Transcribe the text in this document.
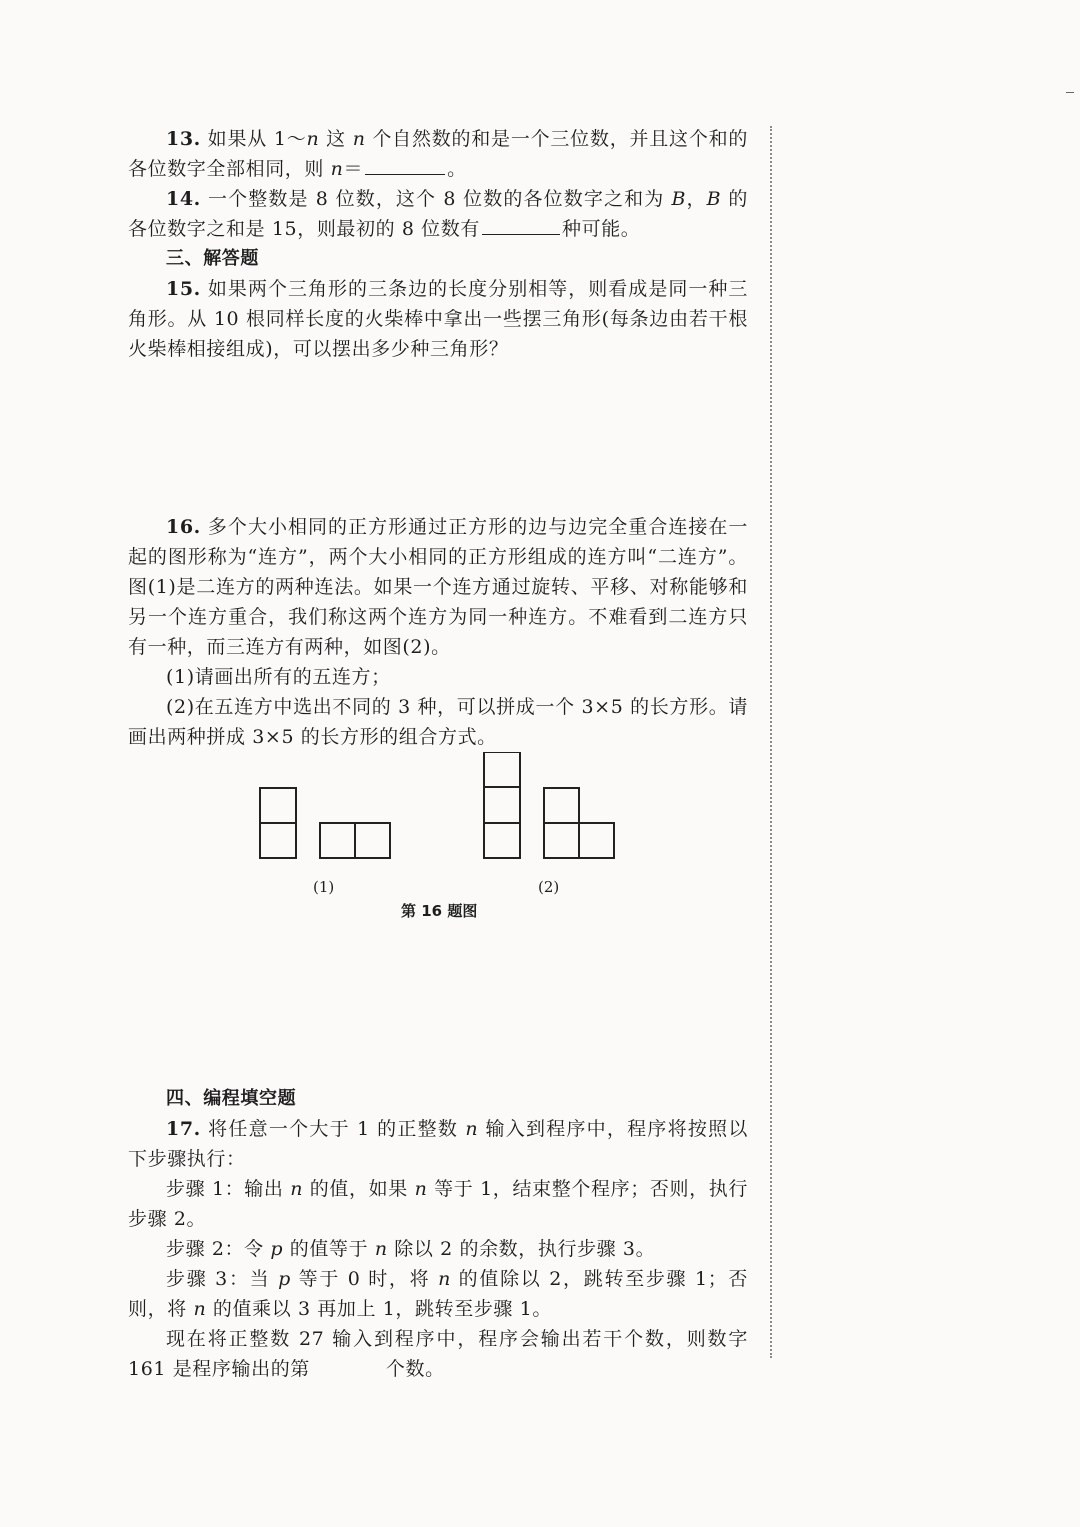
13. 如果从 1～n 这 n 个自然数的和是一个三位数，并且这个和的各位数字全部相同，则 n＝	。

14. 一个整数是 8 位数，这个 8 位数的各位数字之和为 B，B 的各位数字之和是 15，则最初的 8 位数有	种可能。

三、解答题

15. 如果两个三角形的三条边的长度分别相等，则看成是同一种三角形。从 10 根同样长度的火柴棒中拿出一些摆三角形(每条边由若干根火柴棒相接组成)，可以摆出多少种三角形？

16. 多个大小相同的正方形通过正方形的边与边完全重合连接在一起的图形称为“连方”，两个大小相同的正方形组成的连方叫“二连方”。图(1)是二连方的两种连法。如果一个连方通过旋转、平移、对称能够和另一个连方重合，我们称这两个连方为同一种连方。不难看到二连方只有一种，而三连方有两种，如图(2)。

(1)请画出所有的五连方；

(2)在五连方中选出不同的 3 种，可以拼成一个 3×5 的长方形。请画出两种拼成 3×5 的长方形的组合方式。

(1)	(2)
第 16 题图

四、编程填空题

17. 将任意一个大于 1 的正整数 n 输入到程序中，程序将按照以下步骤执行：

步骤 1：输出 n 的值，如果 n 等于 1，结束整个程序；否则，执行步骤 2。

步骤 2：令 p 的值等于 n 除以 2 的余数，执行步骤 3。

步骤 3：当 p 等于 0 时，将 n 的值除以 2，跳转至步骤 1；否则，将 n 的值乘以 3 再加上 1，跳转至步骤 1。

现在将正整数 27 输入到程序中，程序会输出若干个数，则数字 161 是程序输出的第	个数。
